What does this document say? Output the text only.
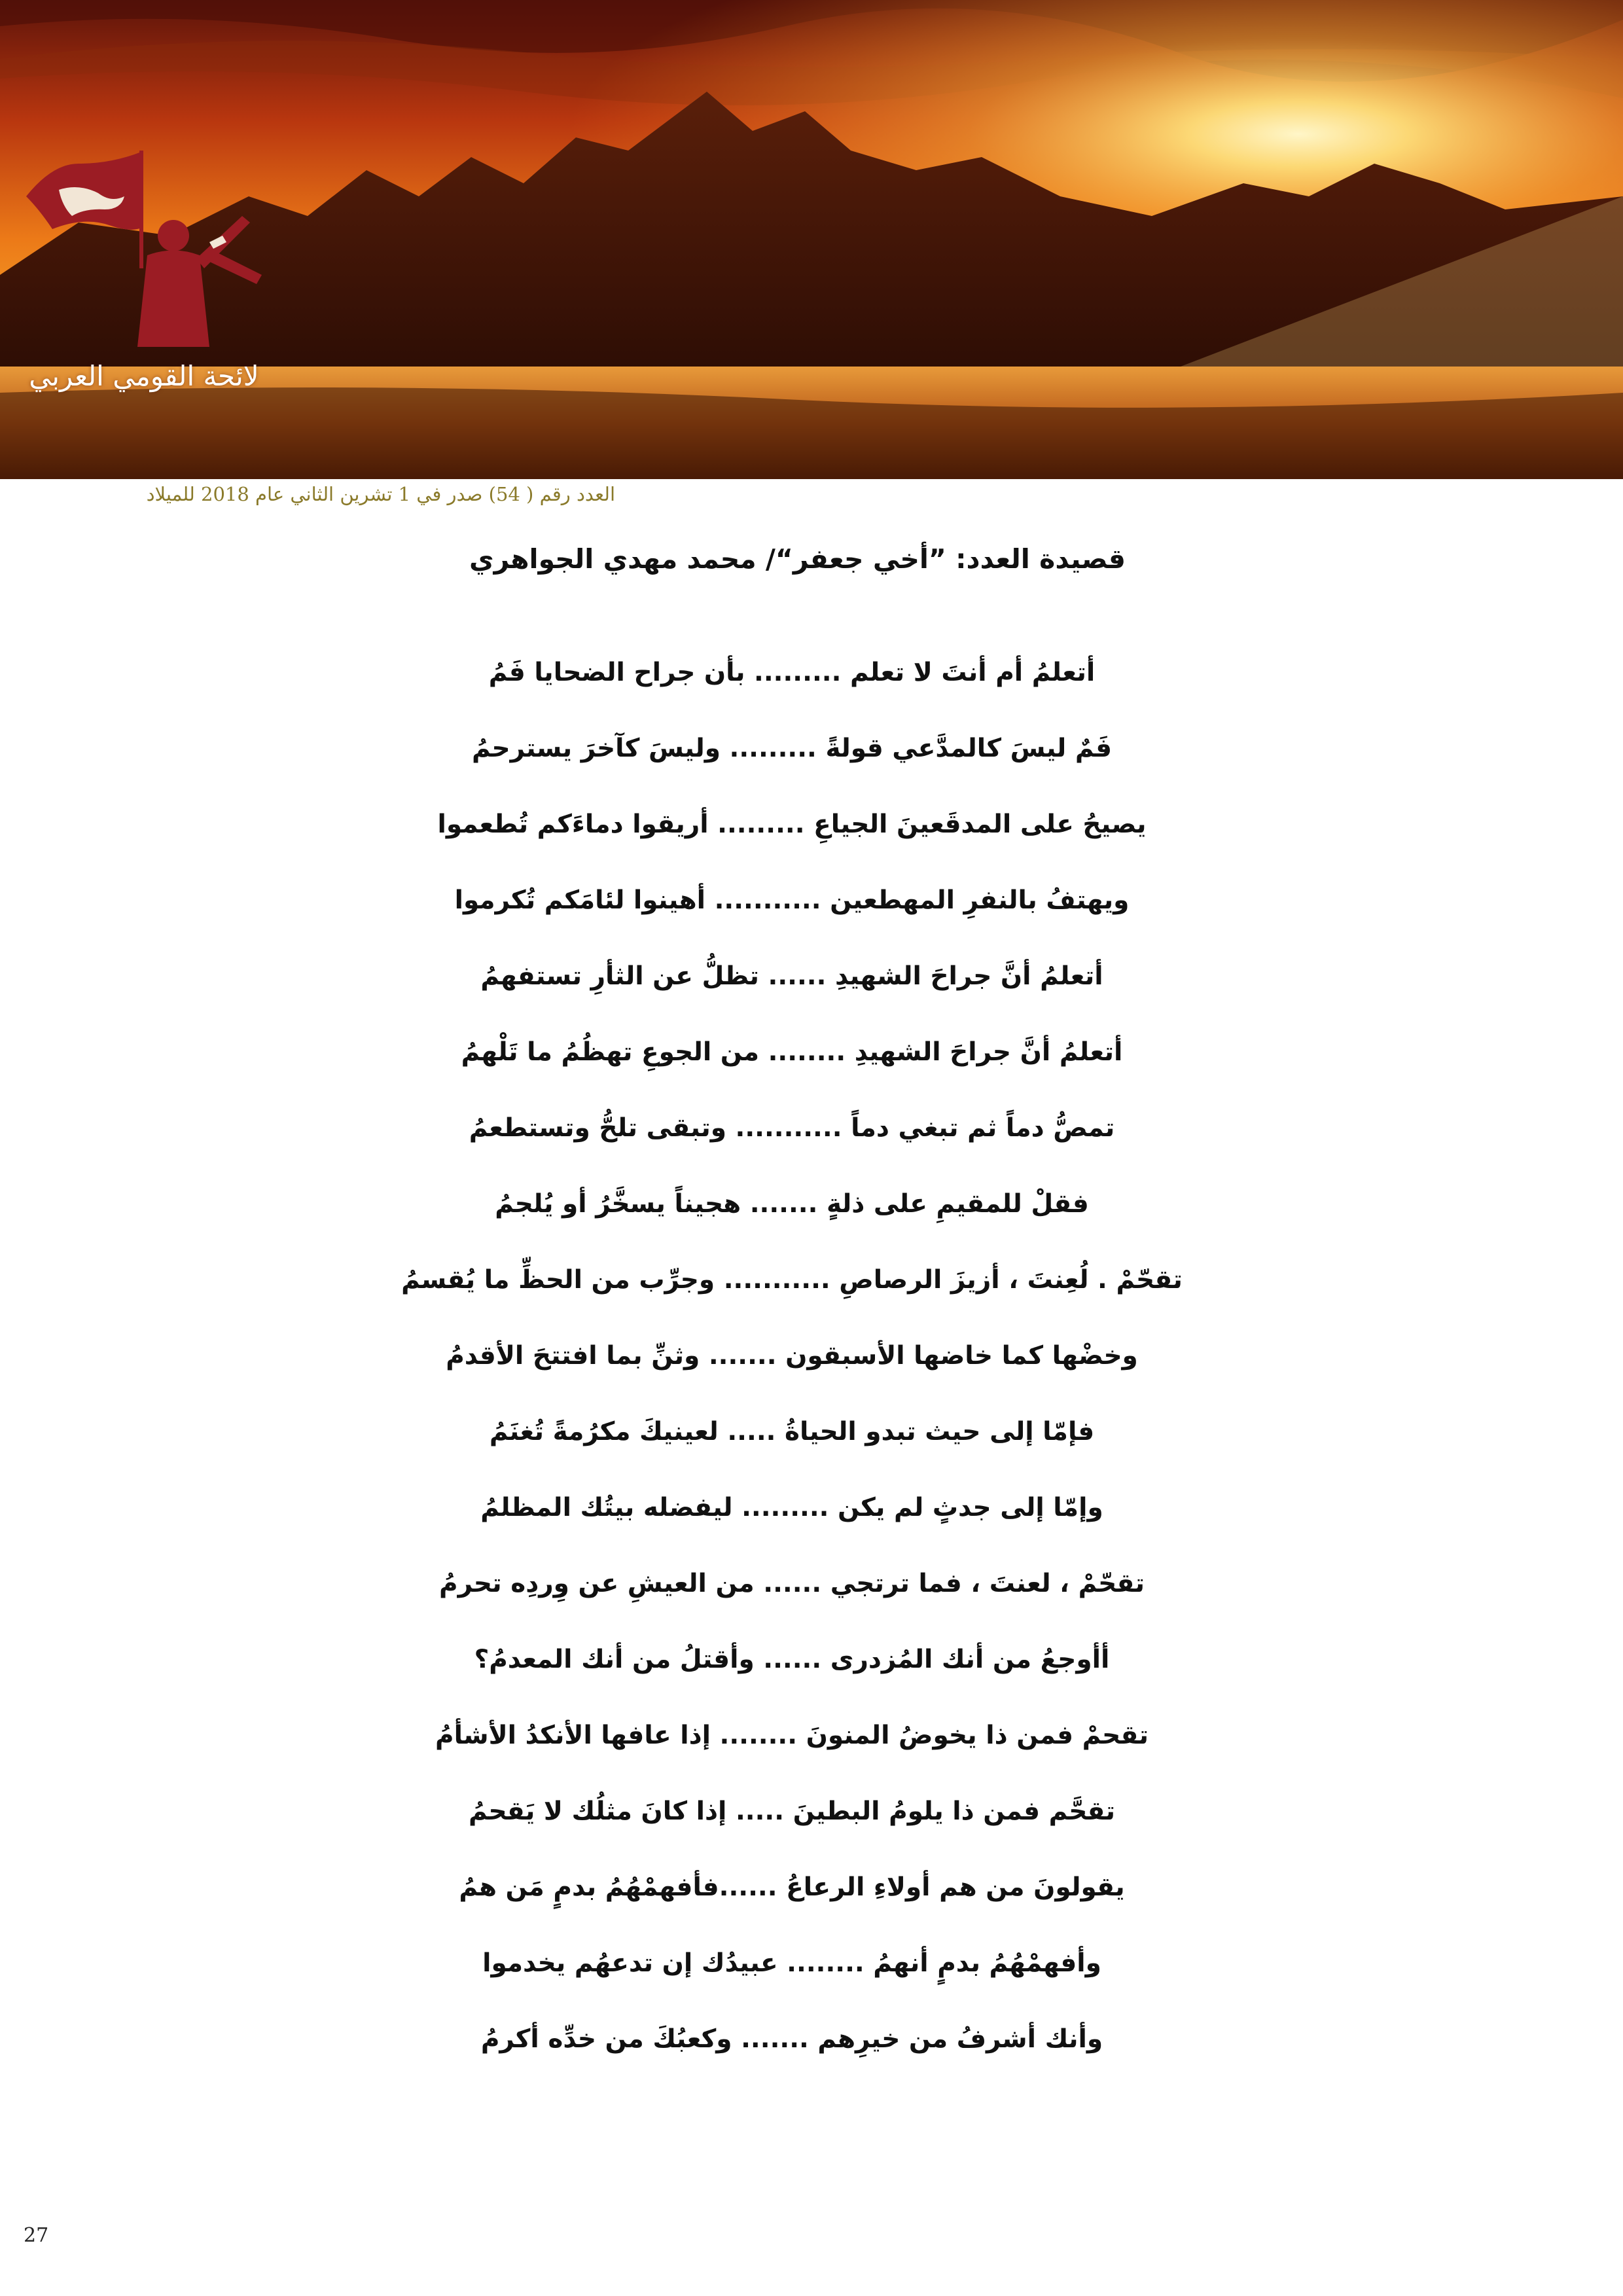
لائحة القومي العربي
العدد رقم ( 54) صدر في 1 تشرين الثاني عام 2018 للميلاد
قصيدة العدد: ”أخي جعفر“/ محمد مهدي الجواهري
أتعلمُ أم أنتَ لا تعلم ......... بأن جراح الضحايا فَمُ
فَمٌ ليسَ كالمدَّعي قولةً ......... وليسَ كآخرَ يسترحمُ
يصيحُ على المدقَعينَ الجياعِ ......... أريقوا دماءَكم تُطعموا
ويهتفُ بالنفرِ المهطعين ........... أهينوا لئامَكم تُكرموا
أتعلمُ أنَّ جراحَ الشهيدِ ...... تظلُّ عن الثأرِ تستفهمُ
أتعلمُ أنَّ جراحَ الشهيدِ ........ من الجوعِ تهظُمُ ما تَلْهمُ
تمصُّ دماً ثم تبغي دماً ........... وتبقى تلحُّ وتستطعمُ
فقلْ للمقيمِ على ذلةٍ ....... هجيناً يسخَّرُ أو يُلجمُ
تقحّمْ . لُعِنتَ ، أزيزَ الرصاصِ ........... وجرِّب من الحظِّ ما يُقسمُ
وخضْها كما خاضها الأسبقون ....... وثنِّ بما افتتحَ الأقدمُ
فإمّا إلى حيث تبدو الحياةُ ..... لعينيكَ مكرُمةً تُغنَمُ
وإمّا إلى جدثٍ لم يكن ......... ليفضله بيتُك المظلمُ
تقحّمْ ، لعنتَ ، فما ترتجي ...... من العيشِ عن وِردِه تحرمُ
أأوجعُ من أنك المُزدرى ...... وأقتلُ من أنك المعدمُ؟
تقحمْ فمن ذا يخوضُ المنونَ ........ إذا عافها الأنكدُ الأشأمُ
تقحَّم فمن ذا يلومُ البطينَ ..... إذا كانَ مثلُك لا يَقحمُ
يقولونَ من هم أولاءِ الرعاعُ ......فأفهمْهُمُ بدمٍ مَن همُ
وأفهمْهُمُ بدمٍ أنهمُ ........ عبيدُك إن تدعهُم يخدموا
وأنك أشرفُ من خيرِهم ....... وكعبُكَ من خدِّه أكرمُ
27
